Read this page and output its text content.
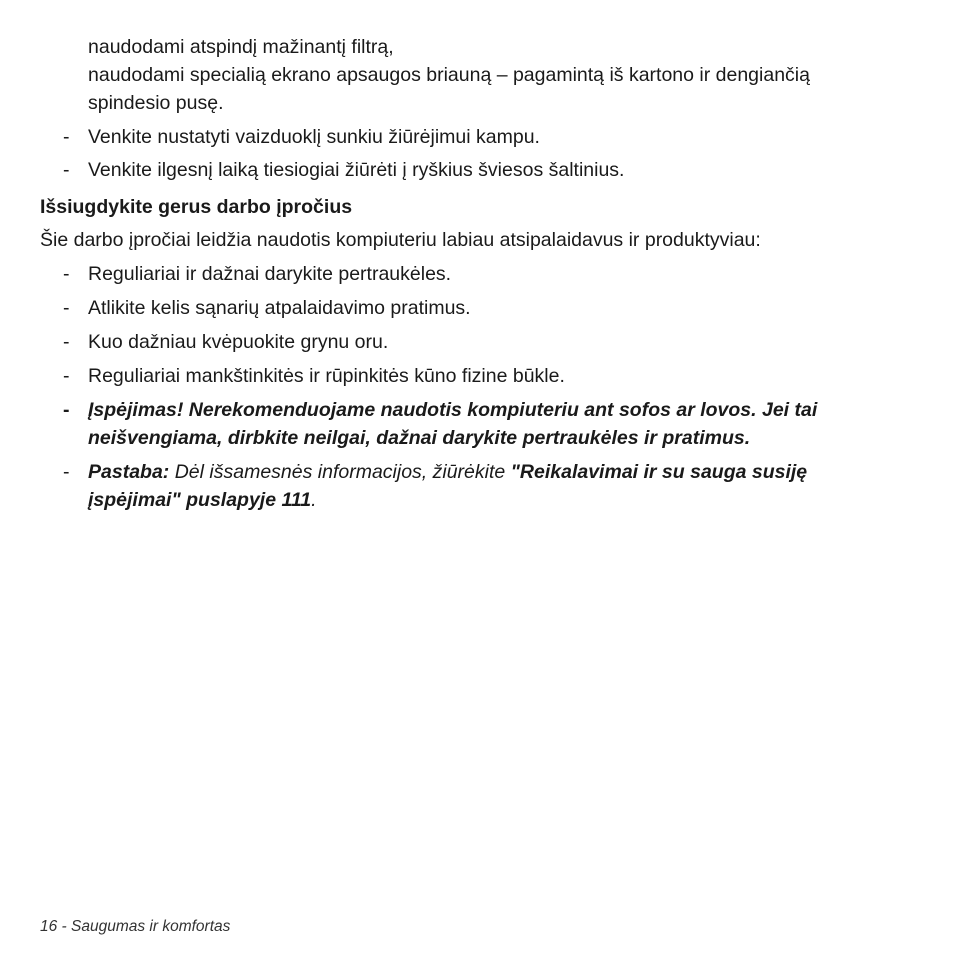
naudodami atspindį mažinantį filtrą,
naudodami specialią ekrano apsaugos briauną – pagamintą iš kartono ir dengiančią
spindesio pusę.
- Venkite nustatyti vaizduoklį sunkiu žiūrėjimui kampu.
- Venkite ilgesnį laiką tiesiogiai žiūrėti į ryškius šviesos šaltinius.
Išsiugdykite gerus darbo įpročius
Šie darbo įpročiai leidžia naudotis kompiuteriu labiau atsipalaidavus ir produktyviau:
- Reguliariai ir dažnai darykite pertraukėles.
- Atlikite kelis sąnarių atpalaidavimo pratimus.
- Kuo dažniau kvėpuokite grynu oru.
- Reguliariai mankštinkitės ir rūpinkitės kūno fizine būkle.
- Įspėjimas! Nerekomenduojame naudotis kompiuteriu ant sofos ar lovos. Jei tai
neišvengiama, dirbkite neilgai, dažnai darykite pertraukėles ir pratimus.
- Pastaba: Dėl išsamesnės informacijos, žiūrėkite "Reikalavimai ir su sauga susiję
įspėjimai" puslapyje 111.
16 - Saugumas ir komfortas
